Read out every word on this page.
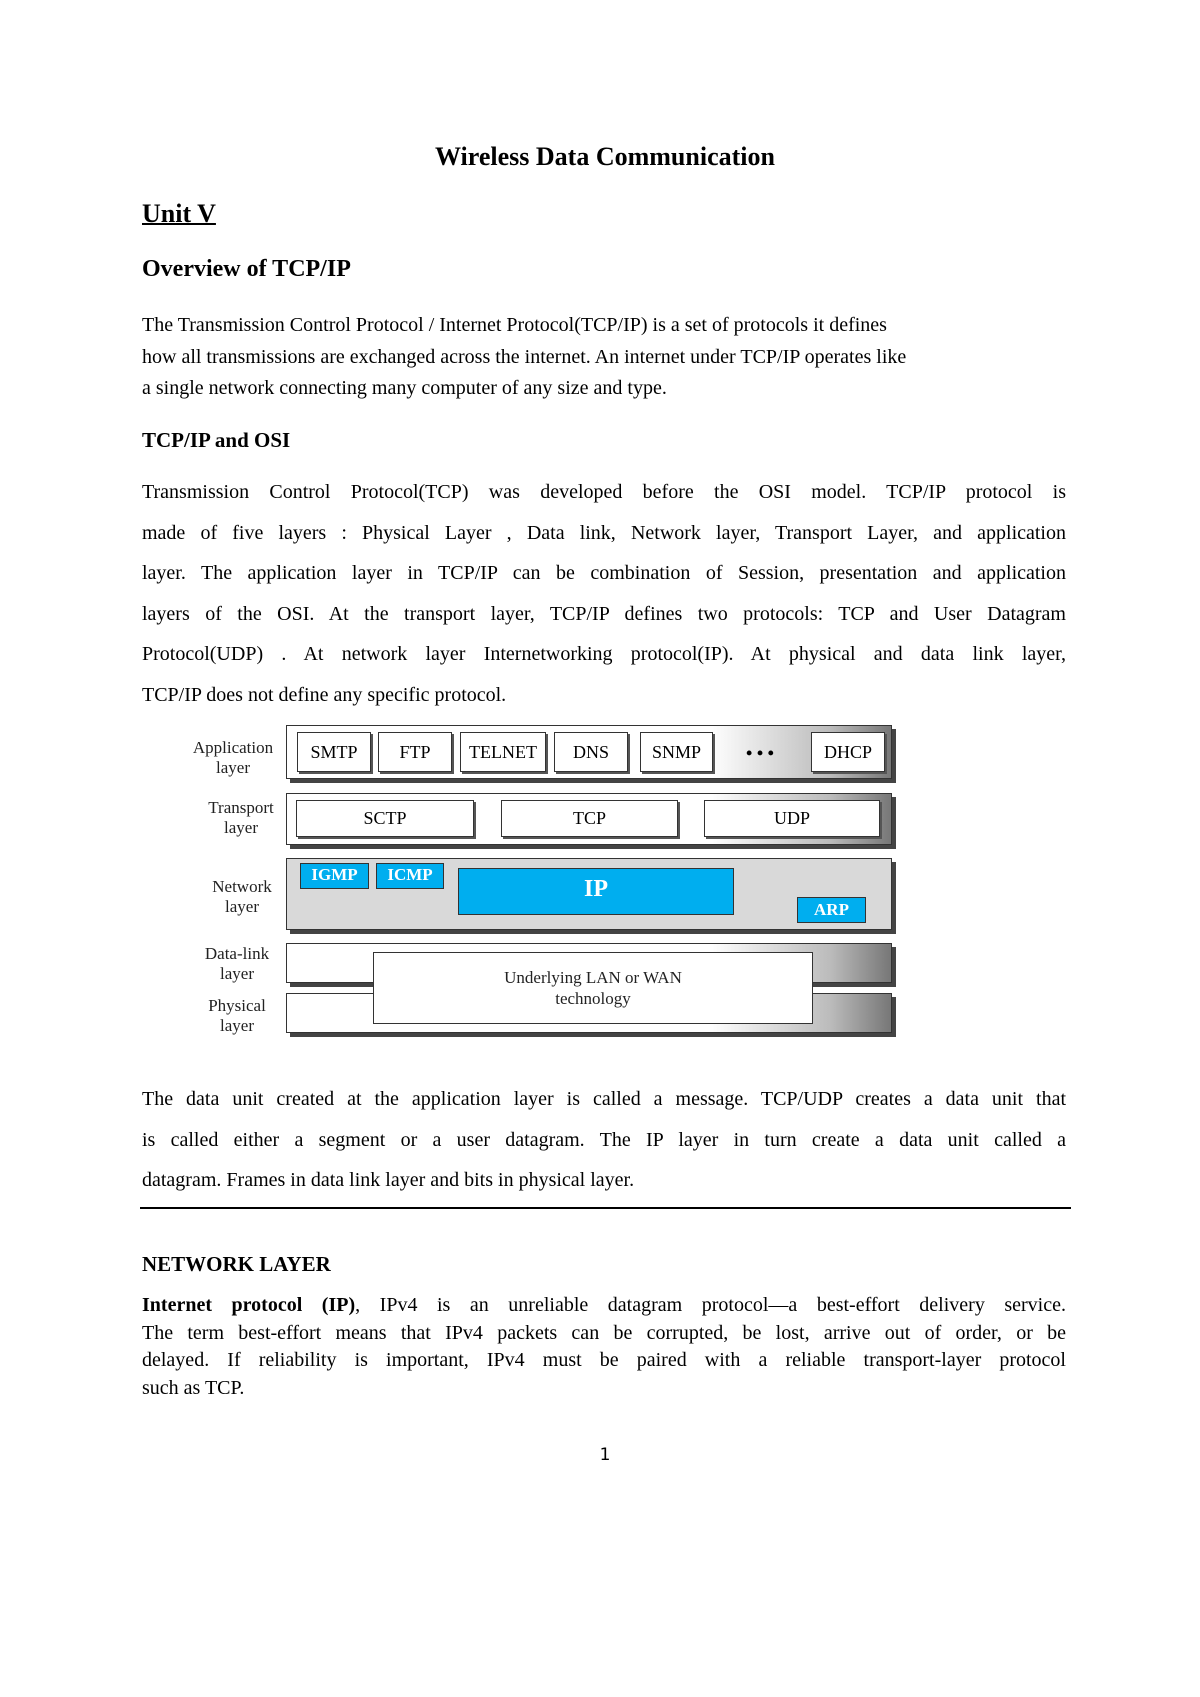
Wireless Data Communication
Unit V
Overview of TCP/IP
The Transmission Control Protocol / Internet Protocol(TCP/IP) is a set of protocols it defines
how all transmissions are exchanged across the internet. An internet under TCP/IP operates like
a single network connecting many computer of any size and type.
TCP/IP and OSI
Transmission Control Protocol(TCP) was developed before the OSI model. TCP/IP protocol is
made of five layers : Physical Layer , Data link, Network layer, Transport Layer, and application
layer. The application layer in TCP/IP can be combination of Session, presentation and application
layers of the OSI. At the transport layer, TCP/IP defines two protocols: TCP and User Datagram
Protocol(UDP) . At network layer Internetworking protocol(IP). At physical and data link layer,
TCP/IP does not define any specific protocol.
Application layer
Transport layer
Network layer
Data-link layer
Physical layer
SMTP	FTP	TELNET	DNS	SNMP	• • •	DHCP
SCTP	TCP	UDP
IGMP	ICMP
IP
ARP
Underlying LAN or WAN technology
The data unit created at the application layer is called a message. TCP/UDP creates a data unit that
is called either a segment or a user datagram. The IP layer in turn create a data unit called a
datagram. Frames in data link layer and bits in physical layer.
NETWORK LAYER
Internet protocol (IP), IPv4 is an unreliable datagram protocol—a best-effort delivery service.
The term best-effort means that IPv4 packets can be corrupted, be lost, arrive out of order, or be
delayed. If reliability is important, IPv4 must be paired with a reliable transport-layer protocol
such as TCP.
1
